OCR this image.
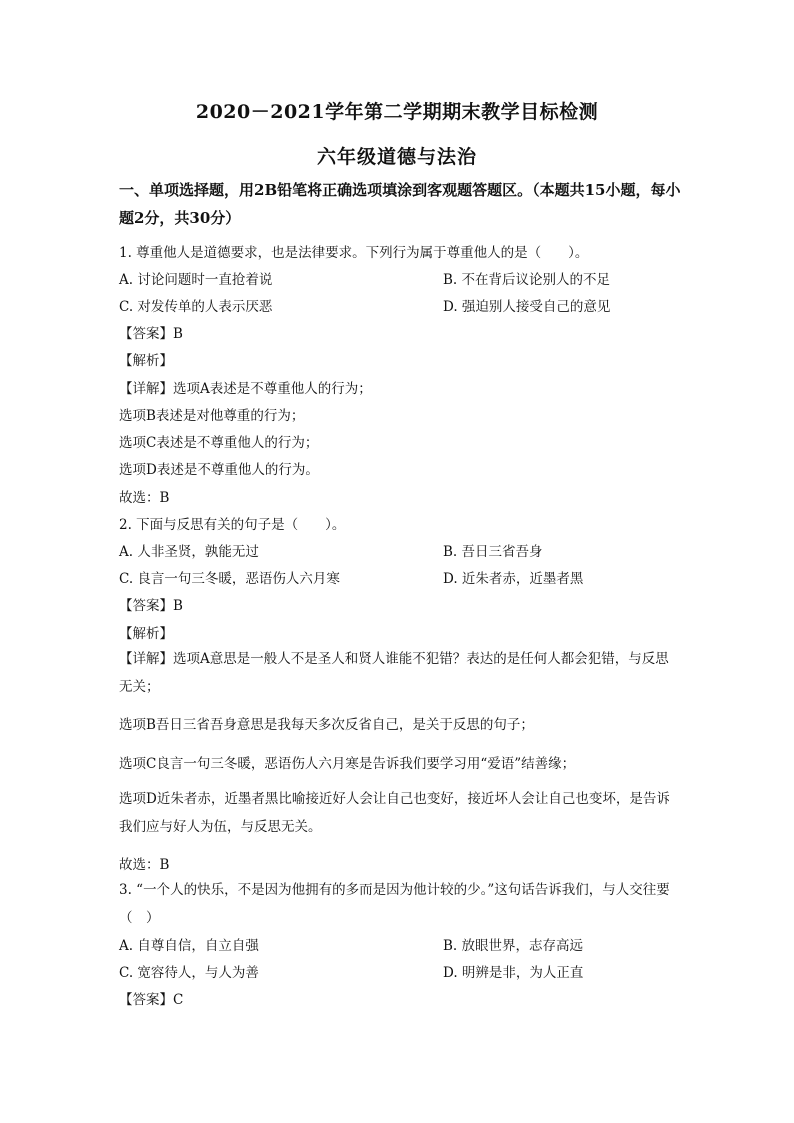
2020－2021学年第二学期期末教学目标检测
六年级道德与法治
一、单项选择题，用2B铅笔将正确选项填涂到客观题答题区。（本题共15小题，每小题2分，共30分）
1. 尊重他人是道德要求，也是法律要求。下列行为属于尊重他人的是（　　）。
A. 讨论问题时一直抢着说	B. 不在背后议论别人的不足
C. 对发传单的人表示厌恶	D. 强迫别人接受自己的意见
【答案】B
【解析】
【详解】选项A表述是不尊重他人的行为；
选项B表述是对他尊重的行为；
选项C表述是不尊重他人的行为；
选项D表述是不尊重他人的行为。
故选：B
2. 下面与反思有关的句子是（　　）。
A. 人非圣贤，孰能无过	B. 吾日三省吾身
C. 良言一句三冬暖，恶语伤人六月寒	D. 近朱者赤，近墨者黑
【答案】B
【解析】
【详解】选项A意思是一般人不是圣人和贤人谁能不犯错？表达的是任何人都会犯错，与反思无关；
选项B吾日三省吾身意思是我每天多次反省自己，是关于反思的句子；
选项C良言一句三冬暖，恶语伤人六月寒是告诉我们要学习用“爱语”结善缘；
选项D近朱者赤，近墨者黑比喻接近好人会让自己也变好，接近坏人会让自己也变坏，是告诉我们应与好人为伍，与反思无关。
故选：B
3. “一个人的快乐，不是因为他拥有的多而是因为他计较的少。”这句话告诉我们，与人交往要（　）
A. 自尊自信，自立自强	B. 放眼世界，志存高远
C. 宽容待人，与人为善	D. 明辨是非，为人正直
【答案】C
